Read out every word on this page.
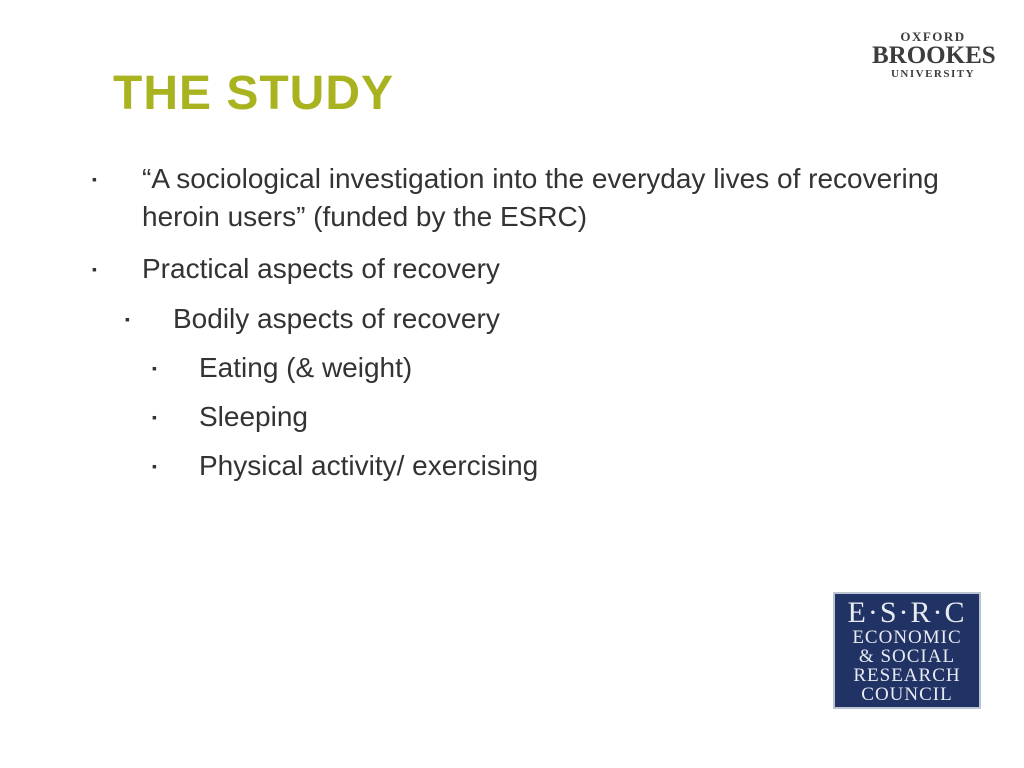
THE STUDY
OXFORD
BROOKES
UNIVERSITY
▪ “A sociological investigation into the everyday lives of recovering heroin users” (funded by the ESRC)
▪ Practical aspects of recovery
▪ Bodily aspects of recovery
▪ Eating (& weight)
▪ Sleeping
▪ Physical activity/ exercising
E·S·R·C
ECONOMIC
& SOCIAL
RESEARCH
COUNCIL
